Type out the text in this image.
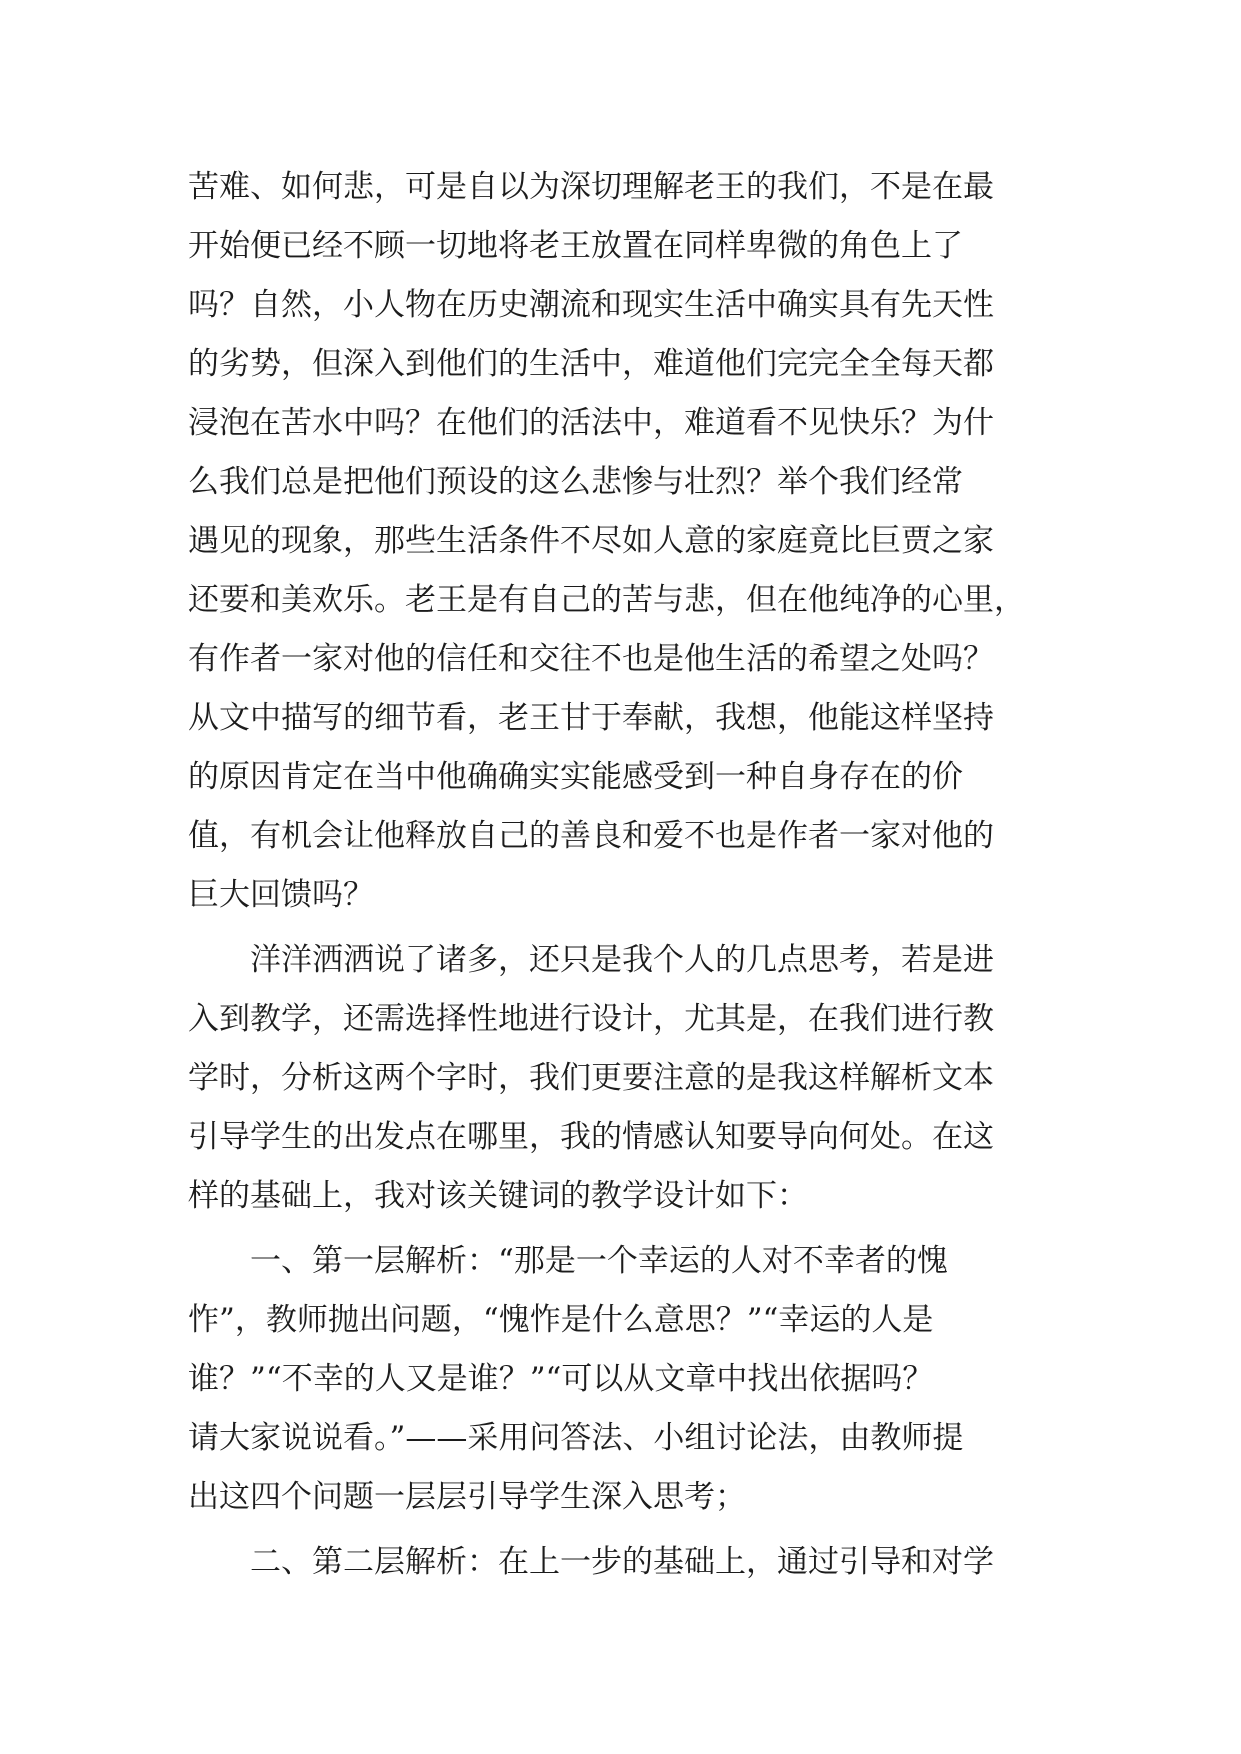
苦难、如何悲，可是自以为深切理解老王的我们，不是在最
开始便已经不顾一切地将老王放置在同样卑微的角色上了
吗？自然，小人物在历史潮流和现实生活中确实具有先天性
的劣势，但深入到他们的生活中，难道他们完完全全每天都
浸泡在苦水中吗？在他们的活法中，难道看不见快乐？为什
么我们总是把他们预设的这么悲惨与壮烈？举个我们经常
遇见的现象，那些生活条件不尽如人意的家庭竟比巨贾之家
还要和美欢乐。老王是有自己的苦与悲，但在他纯净的心里，
有作者一家对他的信任和交往不也是他生活的希望之处吗？
从文中描写的细节看，老王甘于奉献，我想，他能这样坚持
的原因肯定在当中他确确实实能感受到一种自身存在的价
值，有机会让他释放自己的善良和爱不也是作者一家对他的
巨大回馈吗？
洋洋洒洒说了诸多，还只是我个人的几点思考，若是进
入到教学，还需选择性地进行设计，尤其是，在我们进行教
学时，分析这两个字时，我们更要注意的是我这样解析文本
引导学生的出发点在哪里，我的情感认知要导向何处。在这
样的基础上，我对该关键词的教学设计如下：
一、第一层解析：“那是一个幸运的人对不幸者的愧
怍”，教师抛出问题，“愧怍是什么意思？”“幸运的人是
谁？”“不幸的人又是谁？”“可以从文章中找出依据吗？
请大家说说看。”——采用问答法、小组讨论法，由教师提
出这四个问题一层层引导学生深入思考；
二、第二层解析：在上一步的基础上，通过引导和对学
